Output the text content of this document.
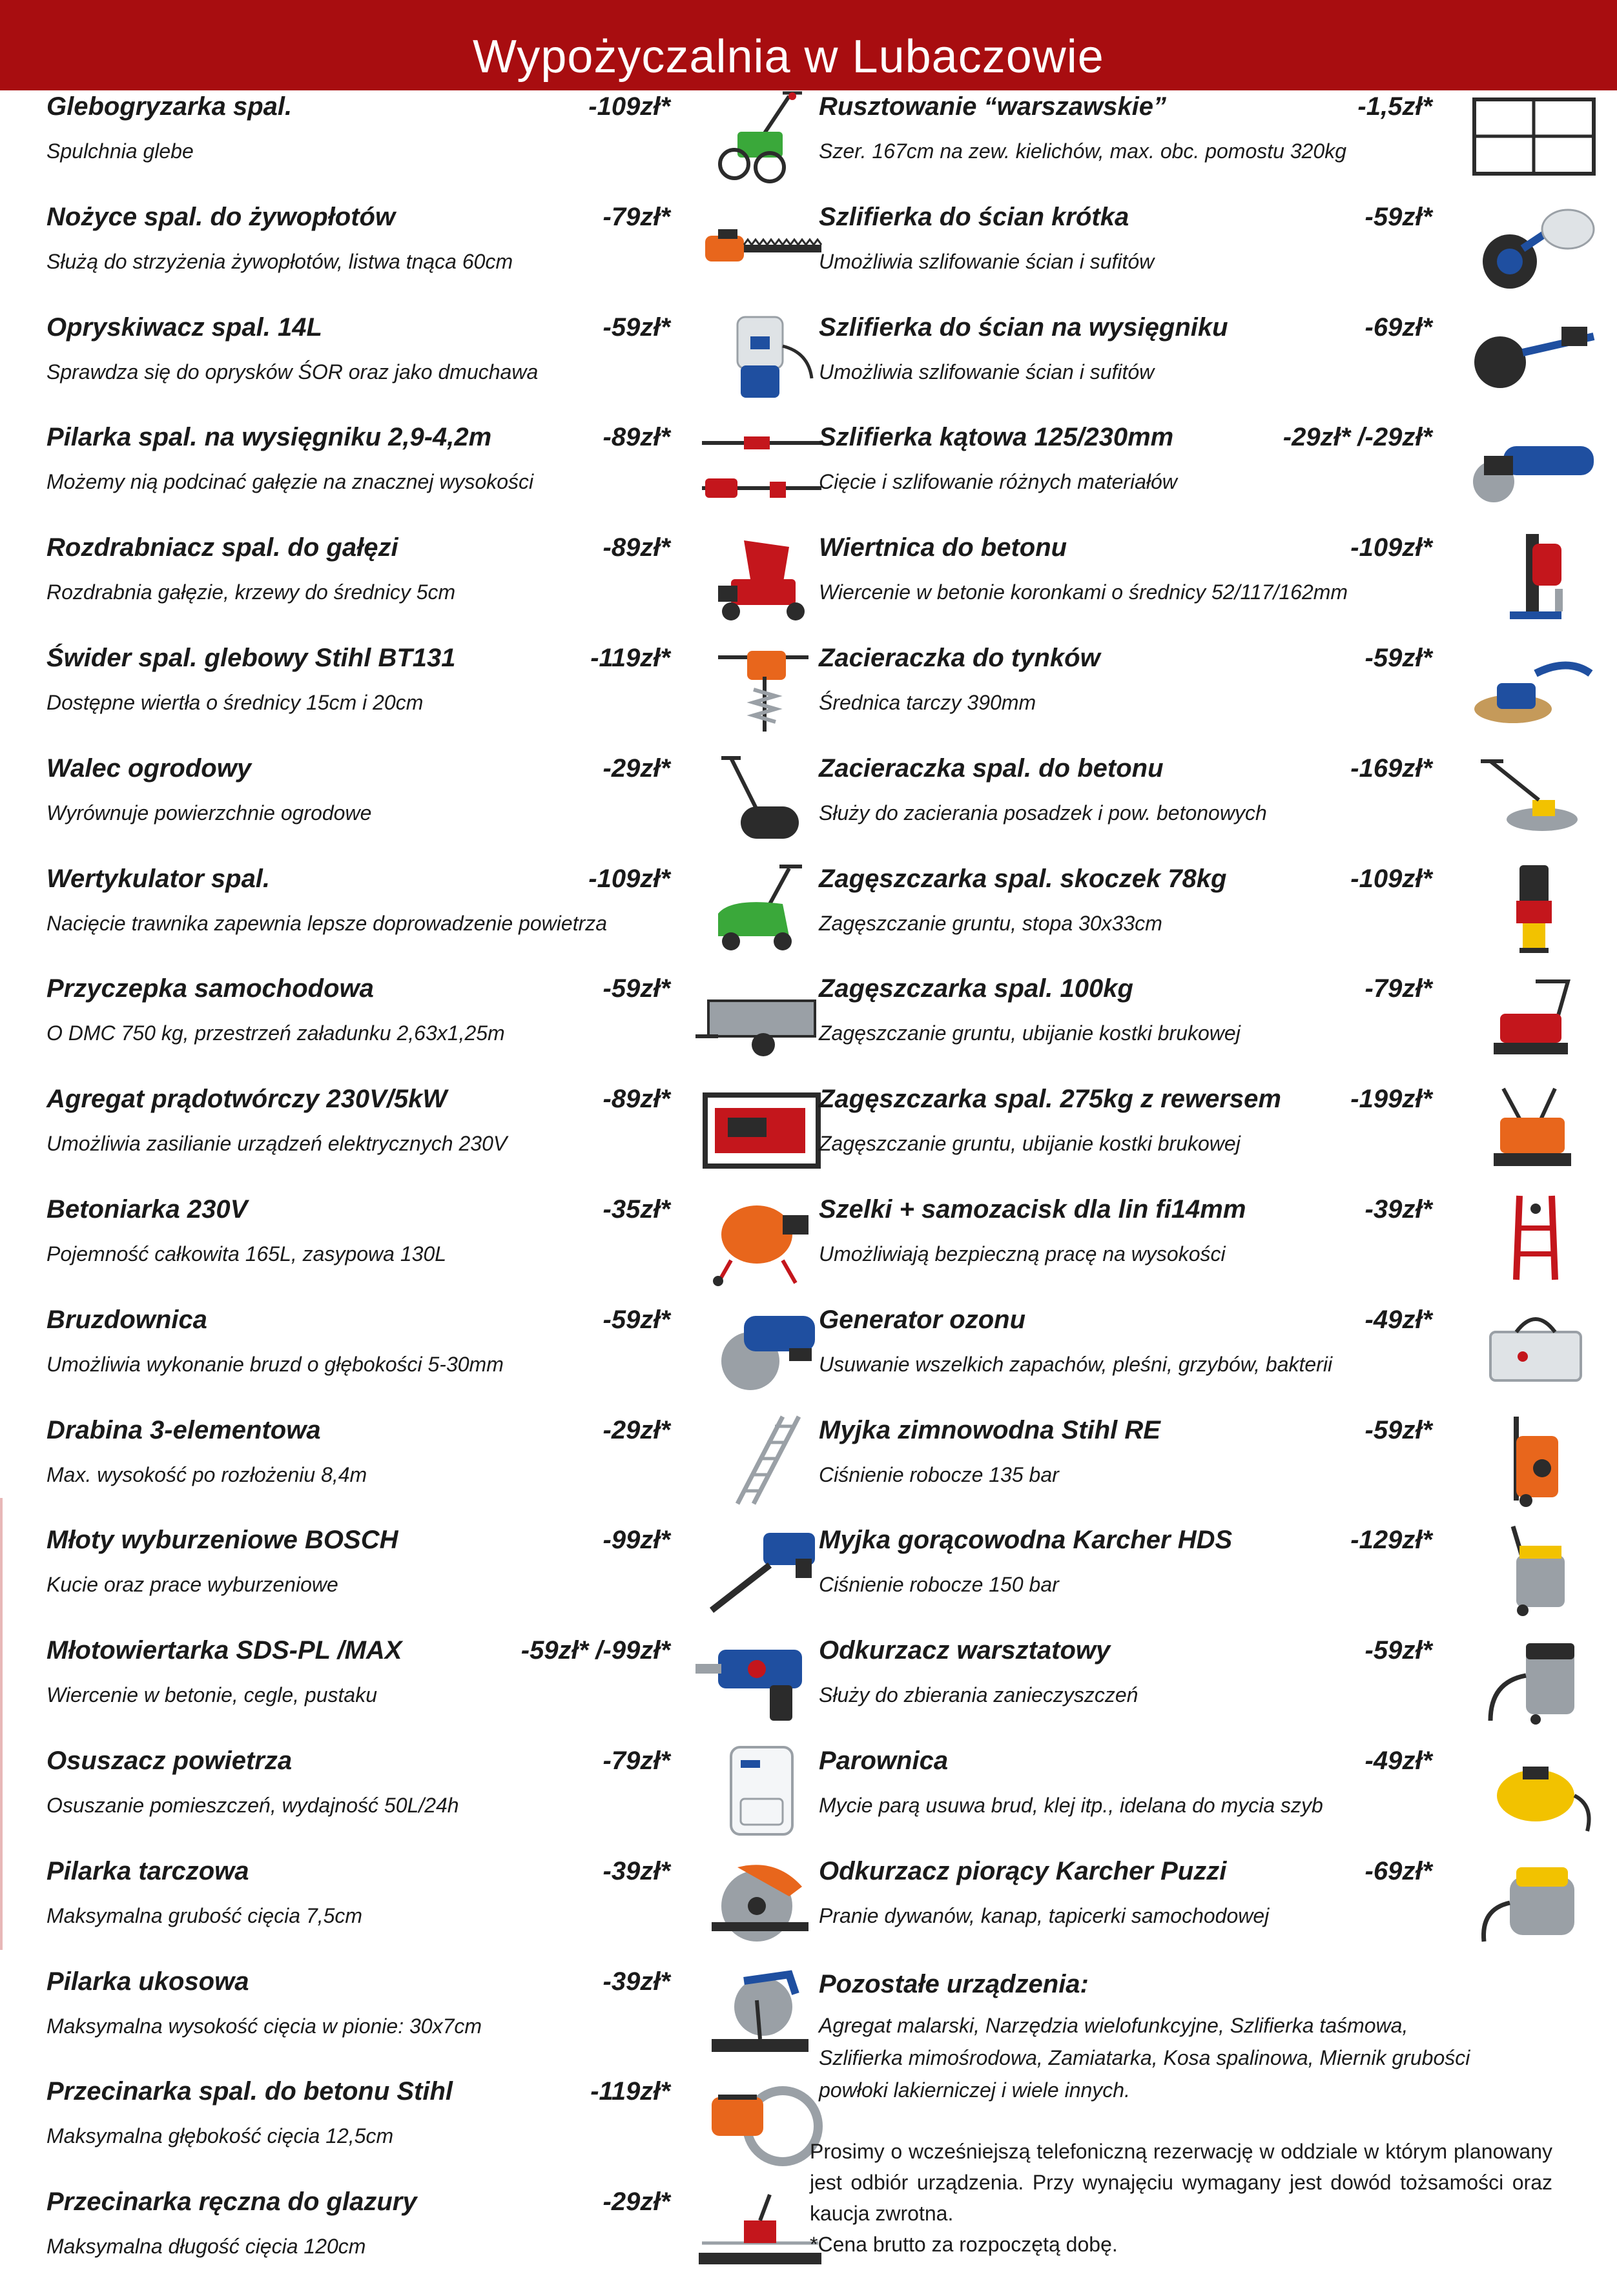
Wypożyczalnia w Lubaczowie
Glebogryzarka spal.	-109zł*
Spulchnia glebe
Nożyce spal. do żywopłotów	-79zł*
Służą do strzyżenia żywopłotów, listwa tnąca 60cm
Opryskiwacz spal. 14L	-59zł*
Sprawdza się do oprysków ŚOR oraz jako dmuchawa
Pilarka spal. na wysięgniku 2,9-4,2m	-89zł*
Możemy nią podcinać gałęzie na znacznej wysokości
Rozdrabniacz spal. do gałęzi	-89zł*
Rozdrabnia gałęzie, krzewy do średnicy 5cm
Świder spal. glebowy Stihl BT131	-119zł*
Dostępne wiertła o średnicy 15cm i 20cm
Walec ogrodowy	-29zł*
Wyrównuje powierzchnie ogrodowe
Wertykulator spal.	-109zł*
Nacięcie trawnika zapewnia lepsze doprowadzenie powietrza
Przyczepka samochodowa	-59zł*
O DMC 750 kg, przestrzeń załadunku 2,63x1,25m
Agregat prądotwórczy 230V/5kW	-89zł*
Umożliwia zasilianie urządzeń elektrycznych 230V
Betoniarka 230V	-35zł*
Pojemność całkowita 165L, zasypowa 130L
Bruzdownica	-59zł*
Umożliwia wykonanie bruzd o głębokości 5-30mm
Drabina 3-elementowa	-29zł*
Max. wysokość po rozłożeniu 8,4m
Młoty wyburzeniowe BOSCH	-99zł*
Kucie oraz prace wyburzeniowe
Młotowiertarka SDS-PL /MAX	-59zł* /-99zł*
Wiercenie w betonie, cegle, pustaku
Osuszacz powietrza	-79zł*
Osuszanie pomieszczeń, wydajność 50L/24h
Pilarka tarczowa	-39zł*
Maksymalna grubość cięcia 7,5cm
Pilarka ukosowa	-39zł*
Maksymalna wysokość cięcia w pionie: 30x7cm
Przecinarka spal. do betonu Stihl	-119zł*
Maksymalna głębokość cięcia 12,5cm
Przecinarka ręczna do glazury	-29zł*
Maksymalna długość cięcia 120cm
Pozostałe urządzenia:
Agregat malarski, Narzędzia wielofunkcyjne, Szlifierka taśmowa, Szlifierka mimośrodowa, Zamiatarka, Kosa spalinowa, Miernik grubości powłoki lakierniczej i wiele innych.

Prosimy o wcześniejszą telefoniczną rezerwację w oddziale w którym planowany jest odbiór urządzenia. Przy wynajęciu wymagany jest dowód tożsamości oraz kaucja zwrotna.

*Cena brutto za rozpoczętą dobę.

Rusztowanie “warszawskie”	-1,5zł*
Szer. 167cm na zew. kielichów, max. obc. pomostu 320kg
Szlifierka do ścian krótka	-59zł*
Umożliwia szlifowanie ścian i sufitów
Szlifierka do ścian na wysięgniku	-69zł*
Umożliwia szlifowanie ścian i sufitów
Szlifierka kątowa 125/230mm	-29zł* /-29zł*
Cięcie i szlifowanie różnych materiałów
Wiertnica do betonu	-109zł*
Wiercenie w betonie koronkami o średnicy 52/117/162mm
Zacieraczka do tynków	-59zł*
Średnica tarczy 390mm
Zacieraczka spal. do betonu	-169zł*
Służy do zacierania posadzek i pow. betonowych
Zagęszczarka spal. skoczek 78kg	-109zł*
Zagęszczanie gruntu, stopa 30x33cm
Zagęszczarka spal. 100kg	-79zł*
Zagęszczanie gruntu, ubijanie kostki brukowej
Zagęszczarka spal. 275kg z rewersem	-199zł*
Zagęszczanie gruntu, ubijanie kostki brukowej
Szelki + samozacisk dla lin fi14mm	-39zł*
Umożliwiają bezpieczną pracę na wysokości
Generator ozonu	-49zł*
Usuwanie wszelkich zapachów, pleśni, grzybów, bakterii
Myjka zimnowodna Stihl RE	-59zł*
Ciśnienie robocze 135 bar
Myjka gorącowodna Karcher HDS	-129zł*
Ciśnienie robocze 150 bar
Odkurzacz warsztatowy	-59zł*
Służy do zbierania zanieczyszczeń
Parownica	-49zł*
Mycie parą usuwa brud, klej itp., idelana do mycia szyb
Odkurzacz piorący Karcher Puzzi	-69zł*
Pranie dywanów, kanap, tapicerki samochodowej
